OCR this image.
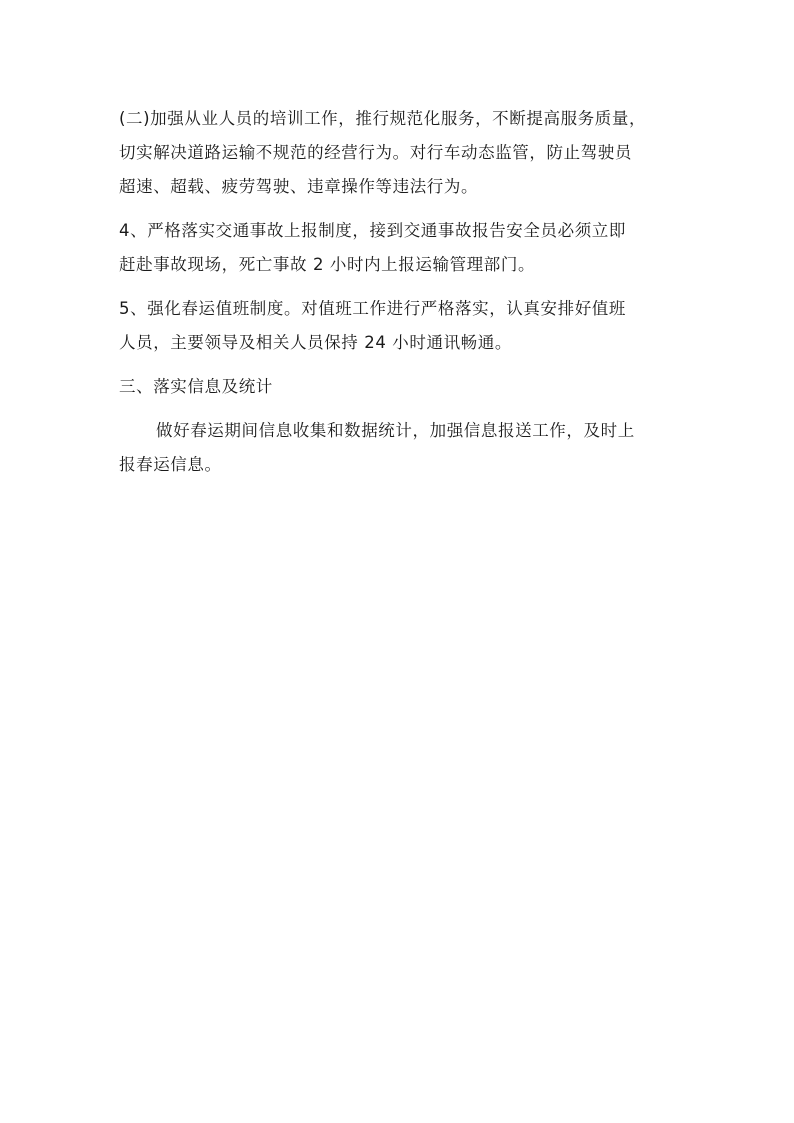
(二)加强从业人员的培训工作，推行规范化服务，不断提高服务质量，
切实解决道路运输不规范的经营行为。对行车动态监管，防止驾驶员
超速、超载、疲劳驾驶、违章操作等违法行为。

4、严格落实交通事故上报制度，接到交通事故报告安全员必须立即
赶赴事故现场，死亡事故 2 小时内上报运输管理部门。

5、强化春运值班制度。对值班工作进行严格落实，认真安排好值班
人员，主要领导及相关人员保持 24 小时通讯畅通。

三、落实信息及统计

做好春运期间信息收集和数据统计，加强信息报送工作，及时上
报春运信息。
